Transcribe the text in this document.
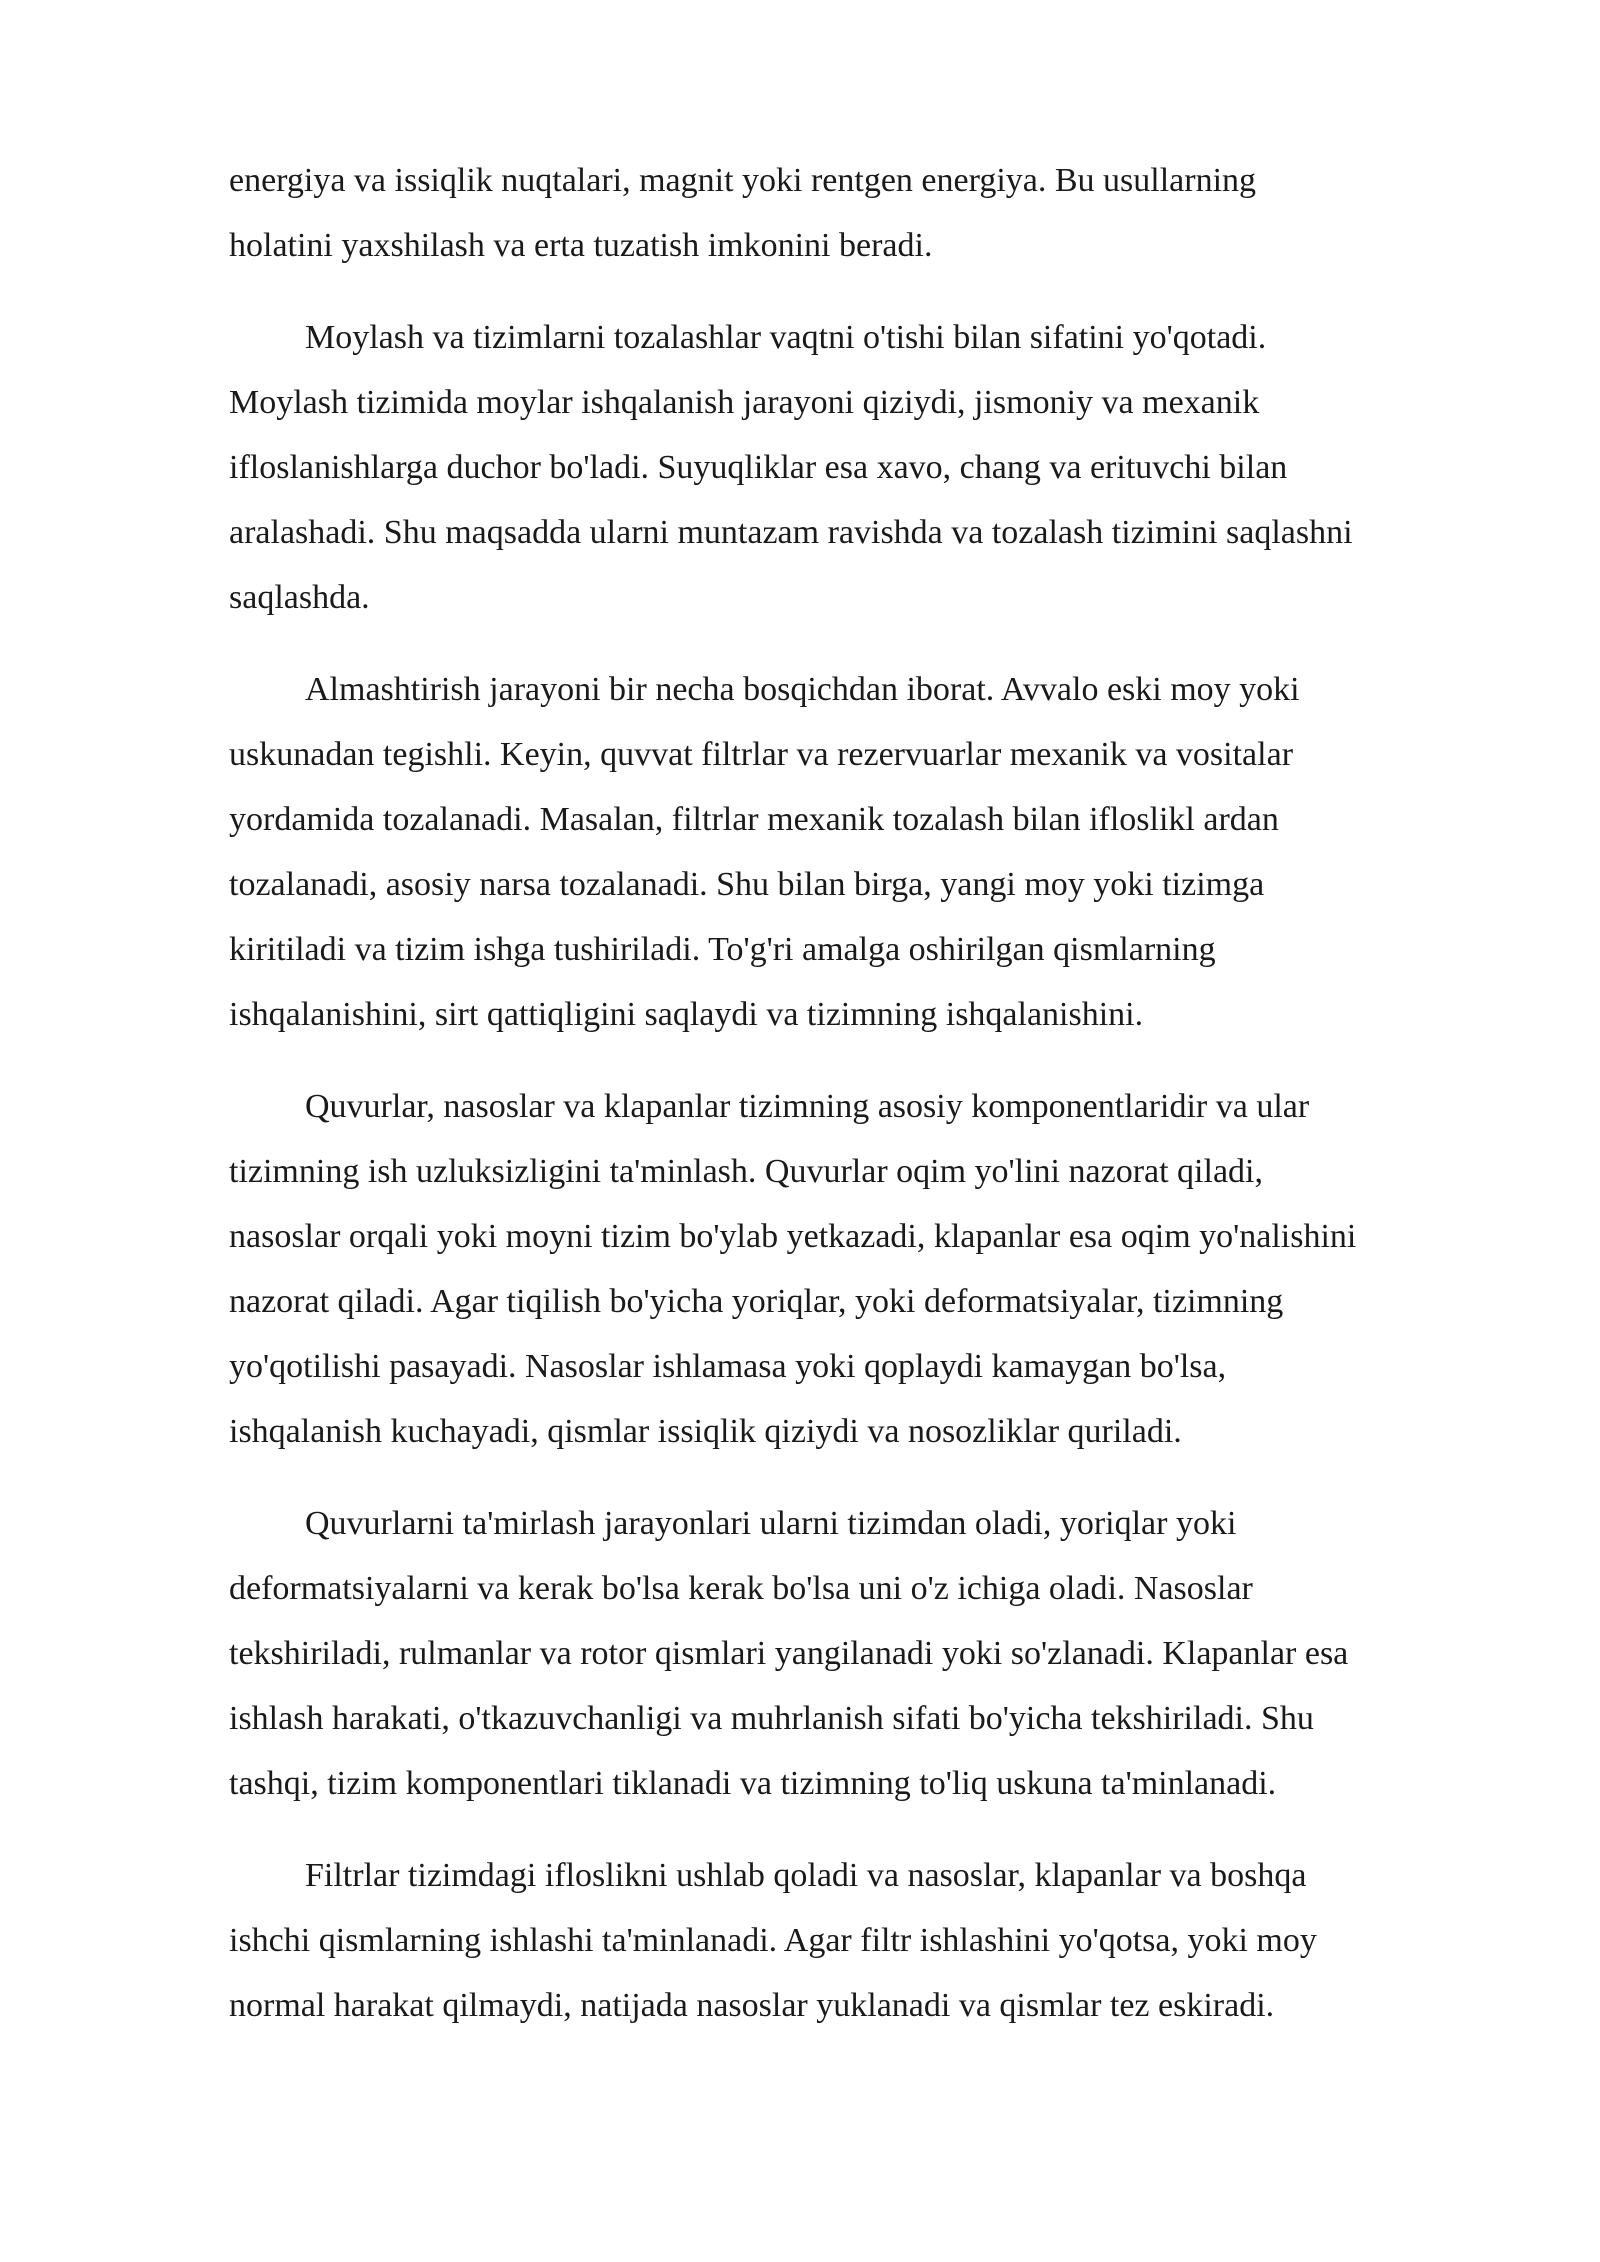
energiya va issiqlik nuqtalari, magnit yoki rentgen energiya. Bu usullarning
holatini yaxshilash va erta tuzatish imkonini beradi.

Moylash va tizimlarni tozalashlar vaqtni o'tishi bilan sifatini yo'qotadi.
Moylash tizimida moylar ishqalanish jarayoni qiziydi, jismoniy va mexanik
ifloslanishlarga duchor bo'ladi. Suyuqliklar esa xavo, chang va erituvchi bilan
aralashadi. Shu maqsadda ularni muntazam ravishda va tozalash tizimini saqlashni
saqlashda.

Almashtirish jarayoni bir necha bosqichdan iborat. Avvalo eski moy yoki
uskunadan tegishli. Keyin, quvvat filtrlar va rezervuarlar mexanik va vositalar
yordamida tozalanadi. Masalan, filtrlar mexanik tozalash bilan ifloslikl ardan
tozalanadi, asosiy narsa tozalanadi. Shu bilan birga, yangi moy yoki tizimga
kiritiladi va tizim ishga tushiriladi. To'g'ri amalga oshirilgan qismlarning
ishqalanishini, sirt qattiqligini saqlaydi va tizimning ishqalanishini.

Quvurlar, nasoslar va klapanlar tizimning asosiy komponentlaridir va ular
tizimning ish uzluksizligini ta'minlash. Quvurlar oqim yo'lini nazorat qiladi,
nasoslar orqali yoki moyni tizim bo'ylab yetkazadi, klapanlar esa oqim yo'nalishini
nazorat qiladi. Agar tiqilish bo'yicha yoriqlar, yoki deformatsiyalar, tizimning
yo'qotilishi pasayadi. Nasoslar ishlamasa yoki qoplaydi kamaygan bo'lsa,
ishqalanish kuchayadi, qismlar issiqlik qiziydi va nosozliklar quriladi.

Quvurlarni ta'mirlash jarayonlari ularni tizimdan oladi, yoriqlar yoki
deformatsiyalarni va kerak bo'lsa kerak bo'lsa uni o'z ichiga oladi. Nasoslar
tekshiriladi, rulmanlar va rotor qismlari yangilanadi yoki so'zlanadi. Klapanlar esa
ishlash harakati, o'tkazuvchanligi va muhrlanish sifati bo'yicha tekshiriladi. Shu
tashqi, tizim komponentlari tiklanadi va tizimning to'liq uskuna ta'minlanadi.

Filtrlar tizimdagi ifloslikni ushlab qoladi va nasoslar, klapanlar va boshqa
ishchi qismlarning ishlashi ta'minlanadi. Agar filtr ishlashini yo'qotsa, yoki moy
normal harakat qilmaydi, natijada nasoslar yuklanadi va qismlar tez eskiradi.
